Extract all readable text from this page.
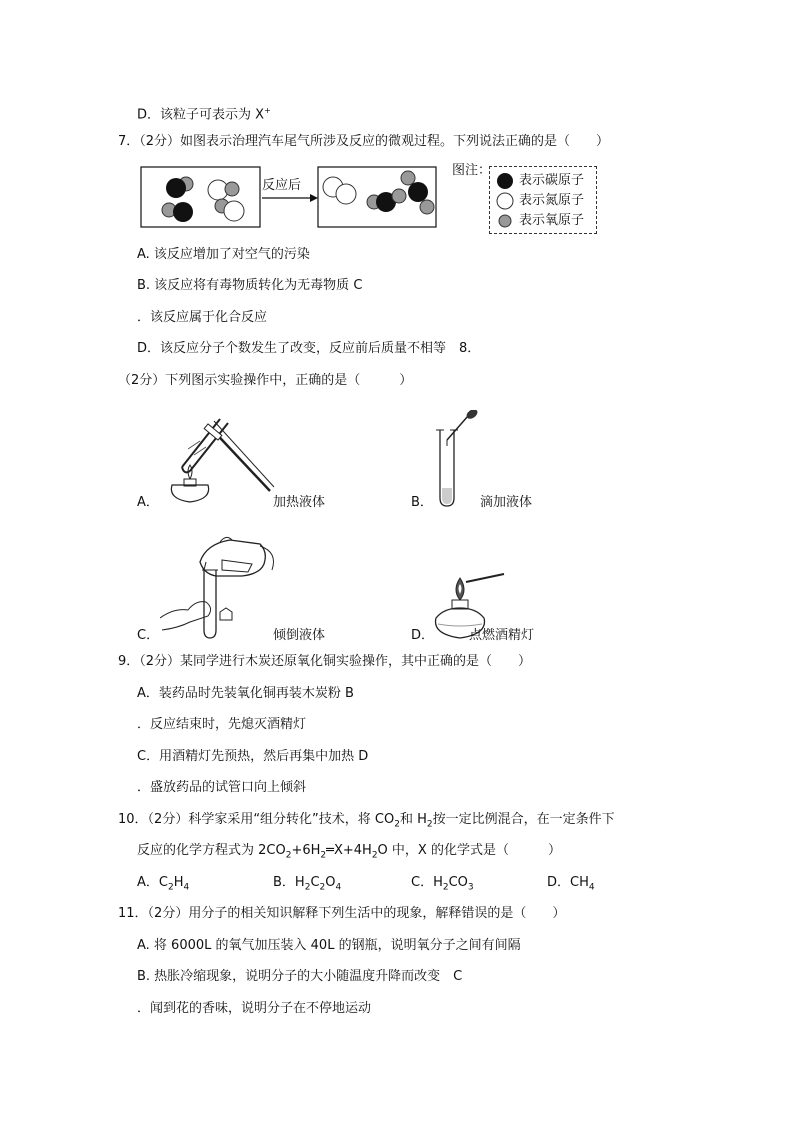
D．该粒子可表示为 X+
7．（2分）如图表示治理汽车尾气所涉及反应的微观过程。下列说法正确的是（　　）
反应后
图注：
表示碳原子
表示氮原子
表示氧原子
A. 该反应增加了对空气的污染
B. 该反应将有毒物质转化为无毒物质 C
．该反应属于化合反应
D．该反应分子个数发生了改变，反应前后质量不相等　8．
（2分）下列图示实验操作中，正确的是（　　　）
A．	加热液体	B．	滴加液体
C．	倾倒液体	D．	点燃酒精灯
9．（2分）某同学进行木炭还原氧化铜实验操作，其中正确的是（　　）
A．装药品时先装氧化铜再装木炭粉 B
．反应结束时，先熄灭酒精灯
C．用酒精灯先预热，然后再集中加热 D
．盛放药品的试管口向上倾斜
10．（2分）科学家采用“组分转化”技术，将 $CO_2$和 $H_2$按一定比例混合，在一定条件下
反应的化学方程式为 $2CO_2+6H_2═X+4H_2O$ 中，X 的化学式是（　　　）
A．$C_2H_4$	B．$H_2C_2O_4$	C．$H_2CO_3$	D．$CH_4$
11．（2分）用分子的相关知识解释下列生活中的现象，解释错误的是（　　）
A. 将 6000L 的氧气加压装入 40L 的钢瓶，说明氧分子之间有间隔
B. 热胀冷缩现象，说明分子的大小随温度升降而改变　C
．闻到花的香味，说明分子在不停地运动
